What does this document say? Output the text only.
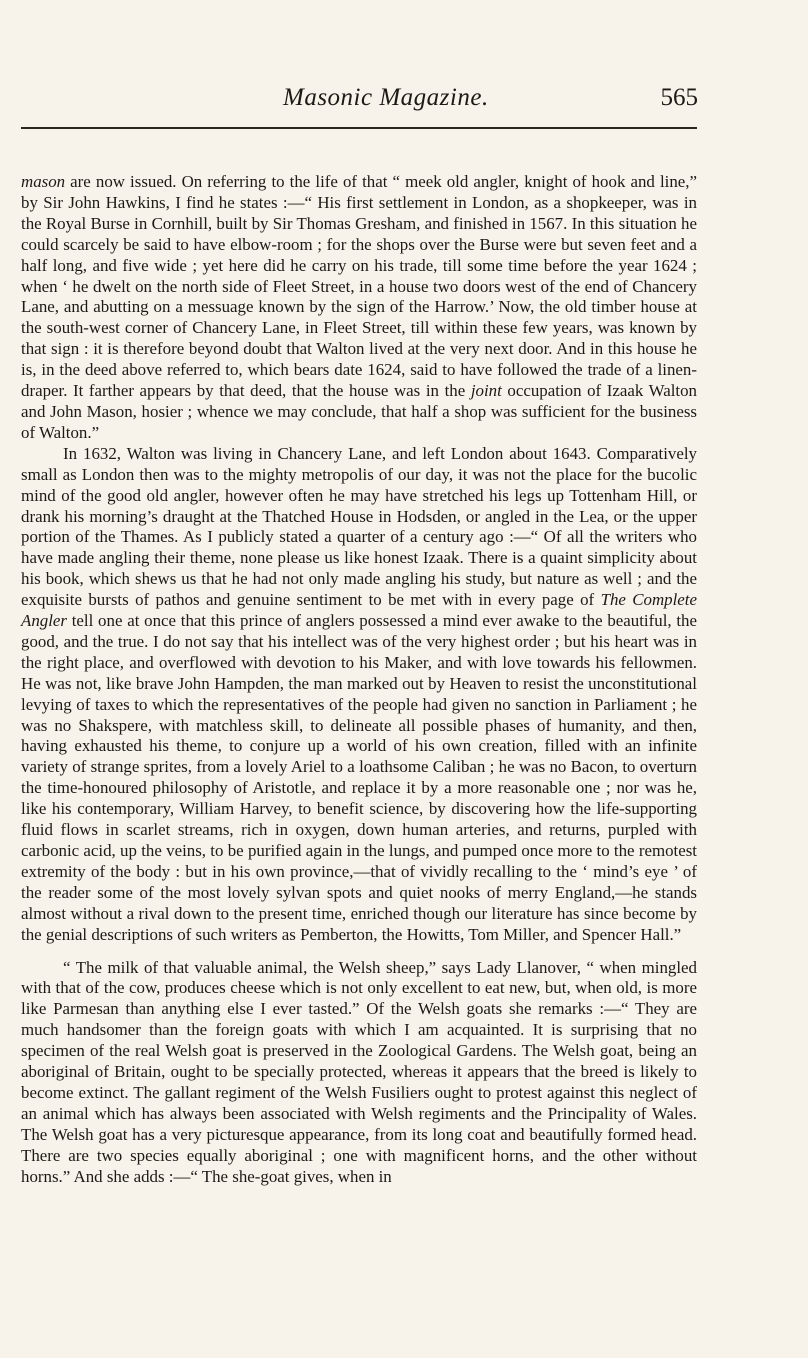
Masonic Magazine.	565

mason are now issued. On referring to the life of that “ meek old angler, knight of hook and line,” by Sir John Hawkins, I find he states :—“ His first settlement in London, as a shopkeeper, was in the Royal Burse in Cornhill, built by Sir Thomas Gresham, and finished in 1567. In this situation he could scarcely be said to have elbow-room ; for the shops over the Burse were but seven feet and a half long, and five wide ; yet here did he carry on his trade, till some time before the year 1624 ; when ‘ he dwelt on the north side of Fleet Street, in a house two doors west of the end of Chancery Lane, and abutting on a messuage known by the sign of the Harrow.’ Now, the old timber house at the south-west corner of Chancery Lane, in Fleet Street, till within these few years, was known by that sign : it is therefore beyond doubt that Walton lived at the very next door. And in this house he is, in the deed above referred to, which bears date 1624, said to have followed the trade of a linen-draper. It farther appears by that deed, that the house was in the joint occupation of Izaak Walton and John Mason, hosier ; whence we may conclude, that half a shop was sufficient for the business of Walton.”

In 1632, Walton was living in Chancery Lane, and left London about 1643. Comparatively small as London then was to the mighty metropolis of our day, it was not the place for the bucolic mind of the good old angler, however often he may have stretched his legs up Tottenham Hill, or drank his morning’s draught at the Thatched House in Hodsden, or angled in the Lea, or the upper portion of the Thames. As I publicly stated a quarter of a century ago :—“ Of all the writers who have made angling their theme, none please us like honest Izaak. There is a quaint simplicity about his book, which shews us that he had not only made angling his study, but nature as well ; and the exquisite bursts of pathos and genuine sentiment to be met with in every page of The Complete Angler tell one at once that this prince of anglers possessed a mind ever awake to the beautiful, the good, and the true. I do not say that his intellect was of the very highest order ; but his heart was in the right place, and overflowed with devotion to his Maker, and with love towards his fellowmen. He was not, like brave John Hampden, the man marked out by Heaven to resist the unconstitutional levying of taxes to which the representatives of the people had given no sanction in Parliament ; he was no Shakspere, with matchless skill, to delineate all possible phases of humanity, and then, having exhausted his theme, to conjure up a world of his own creation, filled with an infinite variety of strange sprites, from a lovely Ariel to a loathsome Caliban ; he was no Bacon, to overturn the time-honoured philosophy of Aristotle, and replace it by a more reasonable one ; nor was he, like his contemporary, William Harvey, to benefit science, by discovering how the life-supporting fluid flows in scarlet streams, rich in oxygen, down human arteries, and returns, purpled with carbonic acid, up the veins, to be purified again in the lungs, and pumped once more to the remotest extremity of the body : but in his own province,—that of vividly recalling to the ‘ mind’s eye ’ of the reader some of the most lovely sylvan spots and quiet nooks of merry England,—he stands almost without a rival down to the present time, enriched though our literature has since become by the genial descriptions of such writers as Pemberton, the Howitts, Tom Miller, and Spencer Hall.”

“ The milk of that valuable animal, the Welsh sheep,” says Lady Llanover, “ when mingled with that of the cow, produces cheese which is not only excellent to eat new, but, when old, is more like Parmesan than anything else I ever tasted.” Of the Welsh goats she remarks :—“ They are much handsomer than the foreign goats with which I am acquainted. It is surprising that no specimen of the real Welsh goat is preserved in the Zoological Gardens. The Welsh goat, being an aboriginal of Britain, ought to be specially protected, whereas it appears that the breed is likely to become extinct. The gallant regiment of the Welsh Fusiliers ought to protest against this neglect of an animal which has always been associated with Welsh regiments and the Principality of Wales. The Welsh goat has a very picturesque appearance, from its long coat and beautifully formed head. There are two species equally aboriginal ; one with magnificent horns, and the other without horns.” And she adds :—“ The she-goat gives, when in
